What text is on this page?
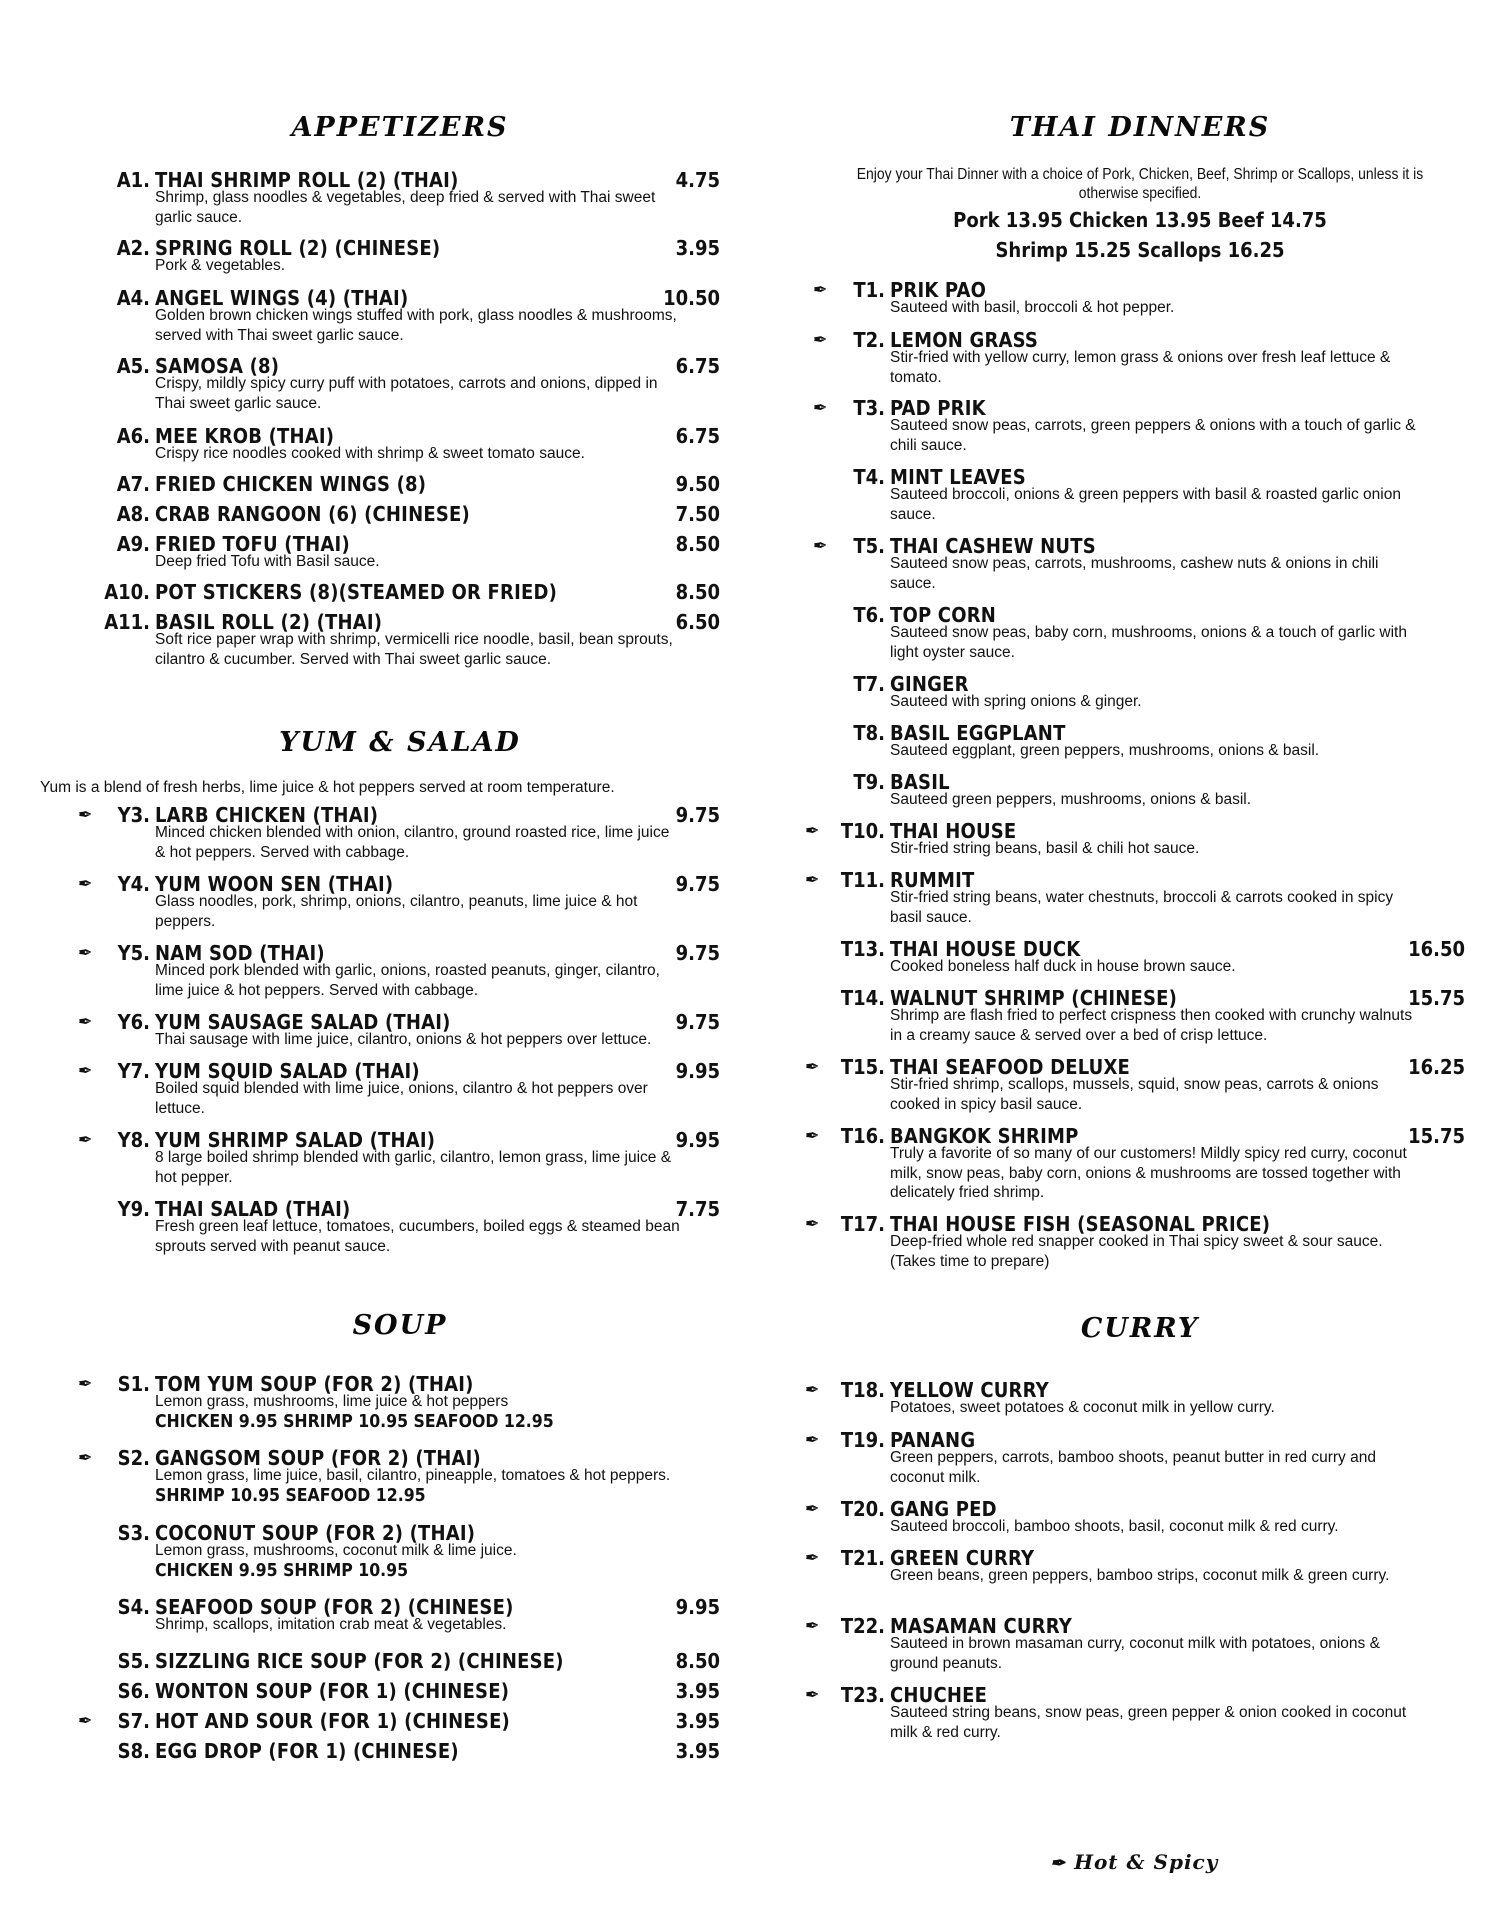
APPETIZERS
A1. THAI SHRIMP ROLL (2) (THAI)	4.75
Shrimp, glass noodles & vegetables, deep fried & served with Thai sweet garlic sauce.
A2. SPRING ROLL (2) (CHINESE)	3.95
Pork & vegetables.
A4. ANGEL WINGS (4) (THAI)	10.50
Golden brown chicken wings stuffed with pork, glass noodles & mushrooms, served with Thai sweet garlic sauce.
A5. SAMOSA (8)	6.75
Crispy, mildly spicy curry puff with potatoes, carrots and onions, dipped in Thai sweet garlic sauce.
A6. MEE KROB (THAI)	6.75
Crispy rice noodles cooked with shrimp & sweet tomato sauce.
A7. FRIED CHICKEN WINGS (8)	9.50
A8. CRAB RANGOON (6) (CHINESE)	7.50
A9. FRIED TOFU (THAI)	8.50
Deep fried Tofu with Basil sauce.
A10. POT STICKERS (8)(STEAMED OR FRIED)	8.50
A11. BASIL ROLL (2) (THAI)	6.50
Soft rice paper wrap with shrimp, vermicelli rice noodle, basil, bean sprouts, cilantro & cucumber. Served with Thai sweet garlic sauce.
YUM & SALAD
Yum is a blend of fresh herbs, lime juice & hot peppers served at room temperature.
✒	Y3. LARB CHICKEN (THAI)	9.75
Minced chicken blended with onion, cilantro, ground roasted rice, lime juice & hot peppers. Served with cabbage.
✒	Y4. YUM WOON SEN (THAI)	9.75
Glass noodles, pork, shrimp, onions, cilantro, peanuts, lime juice & hot peppers.
✒	Y5. NAM SOD (THAI)	9.75
Minced pork blended with garlic, onions, roasted peanuts, ginger, cilantro, lime juice & hot peppers. Served with cabbage.
✒	Y6. YUM SAUSAGE SALAD (THAI)	9.75
Thai sausage with lime juice, cilantro, onions & hot peppers over lettuce.
✒	Y7. YUM SQUID SALAD (THAI)	9.95
Boiled squid blended with lime juice, onions, cilantro & hot peppers over lettuce.
✒	Y8. YUM SHRIMP SALAD (THAI)	9.95
8 large boiled shrimp blended with garlic, cilantro, lemon grass, lime juice & hot pepper.
Y9. THAI SALAD (THAI)	7.75
Fresh green leaf lettuce, tomatoes, cucumbers, boiled eggs & steamed bean sprouts served with peanut sauce.
SOUP
✒	S1. TOM YUM SOUP (FOR 2) (THAI)
Lemon grass, mushrooms, lime juice & hot peppers
CHICKEN 9.95 SHRIMP 10.95 SEAFOOD 12.95
✒	S2. GANGSOM SOUP (FOR 2) (THAI)
Lemon grass, lime juice, basil, cilantro, pineapple, tomatoes & hot peppers.
SHRIMP 10.95 SEAFOOD 12.95
S3. COCONUT SOUP (FOR 2) (THAI)
Lemon grass, mushrooms, coconut milk & lime juice.
CHICKEN 9.95 SHRIMP 10.95
S4. SEAFOOD SOUP (FOR 2) (CHINESE)	9.95
Shrimp, scallops, imitation crab meat & vegetables.
S5. SIZZLING RICE SOUP (FOR 2) (CHINESE)	8.50
S6. WONTON SOUP (FOR 1) (CHINESE)	3.95
✒	S7. HOT AND SOUR (FOR 1) (CHINESE)	3.95
S8. EGG DROP (FOR 1) (CHINESE)	3.95
THAI DINNERS
Enjoy your Thai Dinner with a choice of Pork, Chicken, Beef, Shrimp or Scallops, unless it is otherwise specified.
Pork 13.95 Chicken 13.95 Beef 14.75
Shrimp 15.25 Scallops 16.25
✒	T1. PRIK PAO
Sauteed with basil, broccoli & hot pepper.
✒	T2. LEMON GRASS
Stir-fried with yellow curry, lemon grass & onions over fresh leaf lettuce & tomato.
✒	T3. PAD PRIK
Sauteed snow peas, carrots, green peppers & onions with a touch of garlic & chili sauce.
T4. MINT LEAVES
Sauteed broccoli, onions & green peppers with basil & roasted garlic onion sauce.
✒	T5. THAI CASHEW NUTS
Sauteed snow peas, carrots, mushrooms, cashew nuts & onions in chili sauce.
T6. TOP CORN
Sauteed snow peas, baby corn, mushrooms, onions & a touch of garlic with light oyster sauce.
T7. GINGER
Sauteed with spring onions & ginger.
T8. BASIL EGGPLANT
Sauteed eggplant, green peppers, mushrooms, onions & basil.
T9. BASIL
Sauteed green peppers, mushrooms, onions & basil.
✒	T10. THAI HOUSE
Stir-fried string beans, basil & chili hot sauce.
✒	T11. RUMMIT
Stir-fried string beans, water chestnuts, broccoli & carrots cooked in spicy basil sauce.
T13. THAI HOUSE DUCK	16.50
Cooked boneless half duck in house brown sauce.
T14. WALNUT SHRIMP (CHINESE)	15.75
Shrimp are flash fried to perfect crispness then cooked with crunchy walnuts in a creamy sauce & served over a bed of crisp lettuce.
✒	T15. THAI SEAFOOD DELUXE	16.25
Stir-fried shrimp, scallops, mussels, squid, snow peas, carrots & onions cooked in spicy basil sauce.
✒	T16. BANGKOK SHRIMP	15.75
Truly a favorite of so many of our customers! Mildly spicy red curry, coconut milk, snow peas, baby corn, onions & mushrooms are tossed together with delicately fried shrimp.
✒	T17. THAI HOUSE FISH (SEASONAL PRICE)
Deep-fried whole red snapper cooked in Thai spicy sweet & sour sauce. (Takes time to prepare)
CURRY
✒	T18. YELLOW CURRY
Potatoes, sweet potatoes & coconut milk in yellow curry.
✒	T19. PANANG
Green peppers, carrots, bamboo shoots, peanut butter in red curry and coconut milk.
✒	T20. GANG PED
Sauteed broccoli, bamboo shoots, basil, coconut milk & red curry.
✒	T21. GREEN CURRY
Green beans, green peppers, bamboo strips, coconut milk & green curry.
✒	T22. MASAMAN CURRY
Sauteed in brown masaman curry, coconut milk with potatoes, onions & ground peanuts.
✒	T23. CHUCHEE
Sauteed string beans, snow peas, green pepper & onion cooked in coconut milk & red curry.
✒ Hot & Spicy
